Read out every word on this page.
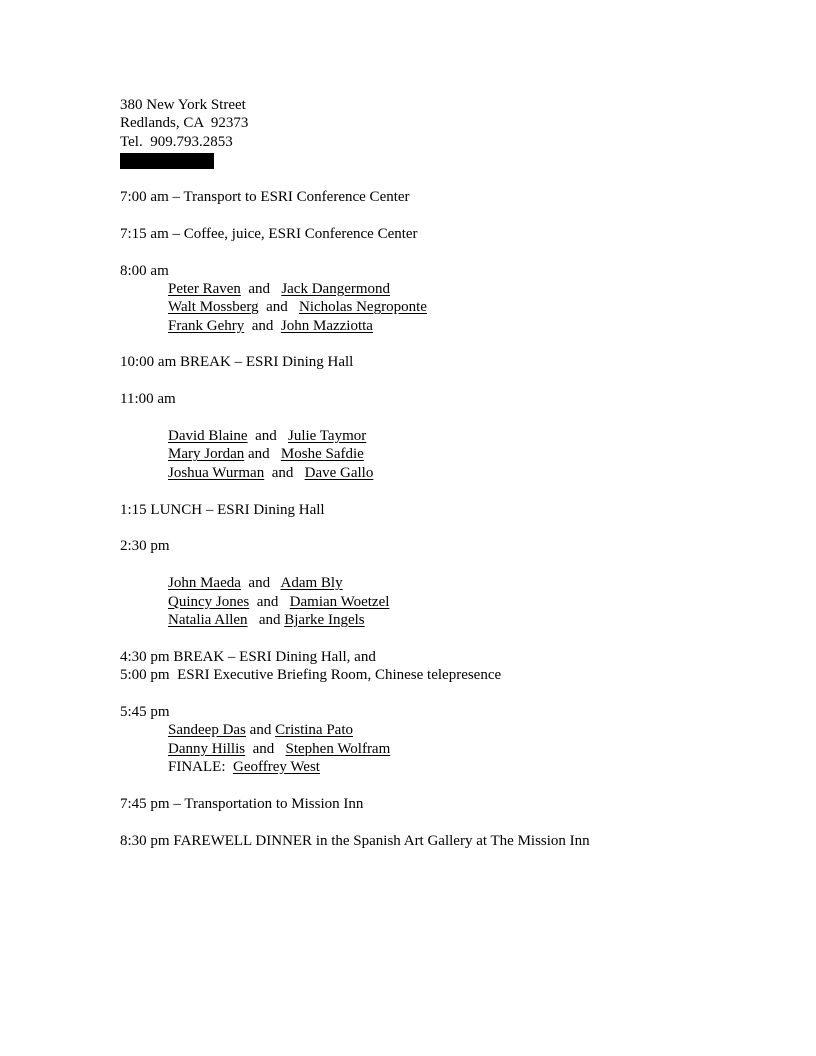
380 New York Street
Redlands, CA  92373
Tel.  909.793.2853
7:00 am – Transport to ESRI Conference Center
7:15 am – Coffee, juice, ESRI Conference Center
8:00 am
Peter Raven  and   Jack Dangermond
Walt Mossberg  and   Nicholas Negroponte
Frank Gehry  and  John Mazziotta
10:00 am BREAK – ESRI Dining Hall
11:00 am
David Blaine  and   Julie Taymor
Mary Jordan and   Moshe Safdie
Joshua Wurman  and   Dave Gallo
1:15 LUNCH – ESRI Dining Hall
2:30 pm
John Maeda  and   Adam Bly
Quincy Jones  and   Damian Woetzel
Natalia Allen   and Bjarke Ingels
4:30 pm BREAK – ESRI Dining Hall, and
5:00 pm  ESRI Executive Briefing Room, Chinese telepresence
5:45 pm
Sandeep Das and Cristina Pato
Danny Hillis  and   Stephen Wolfram
FINALE:  Geoffrey West
7:45 pm – Transportation to Mission Inn
8:30 pm FAREWELL DINNER in the Spanish Art Gallery at The Mission Inn
